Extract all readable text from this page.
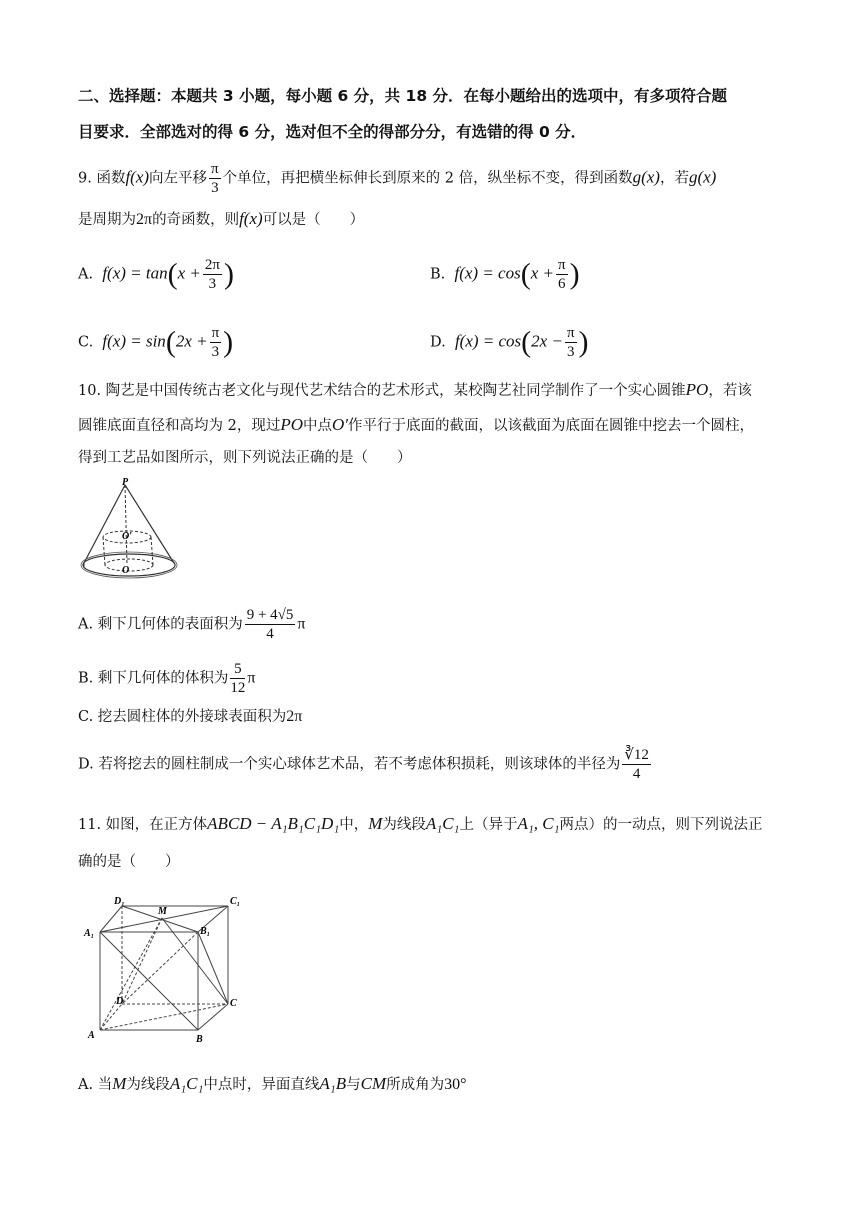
二、选择题：本题共 3 小题，每小题 6 分，共 18 分．在每小题给出的选项中，有多项符合题
目要求．全部选对的得 6 分，选对但不全的得部分分，有选错的得 0 分．
9. 函数f(x)向左平移 $\frac{\pi}{3}$ 个单位，再把横坐标伸长到原来的 2 倍，纵坐标不变，得到函数g(x)，若g(x)
是周期为2π的奇函数，则f(x)可以是（　　）
A. $f(x) = \tan(x + \frac{2\pi}{3}$ )	B. $f(x) = \cos(x + \frac{\pi}{6}$ )
C. $f(x) = \sin(2x + \frac{\pi}{3}$ )	D. $f(x) = \cos(2x - \frac{\pi}{3}$ )
10. 陶艺是中国传统古老文化与现代艺术结合的艺术形式，某校陶艺社同学制作了一个实心圆锥PO，若该
圆锥底面直径和高均为 2，现过PO中点O′作平行于底面的截面，以该截面为底面在圆锥中挖去一个圆柱，
得到工艺品如图所示，则下列说法正确的是（　　）
P
O′
O
A. 剩下几何体的表面积为 $\frac{9 + 4√5}{4}$ π
B. 剩下几何体的体积为 $\frac{5}{12}$ π
C. 挖去圆柱体的外接球表面积为2π
D. 若将挖去的圆柱制成一个实心球体艺术品，若不考虑体积损耗，则该球体的半径为 $\frac{∛12}{4}$
11. 如图，在正方体ABCD − A₁B₁C₁D₁中，M为线段A₁C₁上（异于A₁, C₁两点）的一动点，则下列说法正
确的是（　　）
D₁
M
C₁
A₁	B₁
D	C
A	B
A. 当M为线段A₁C₁中点时，异面直线A₁B与CM所成角为30°
